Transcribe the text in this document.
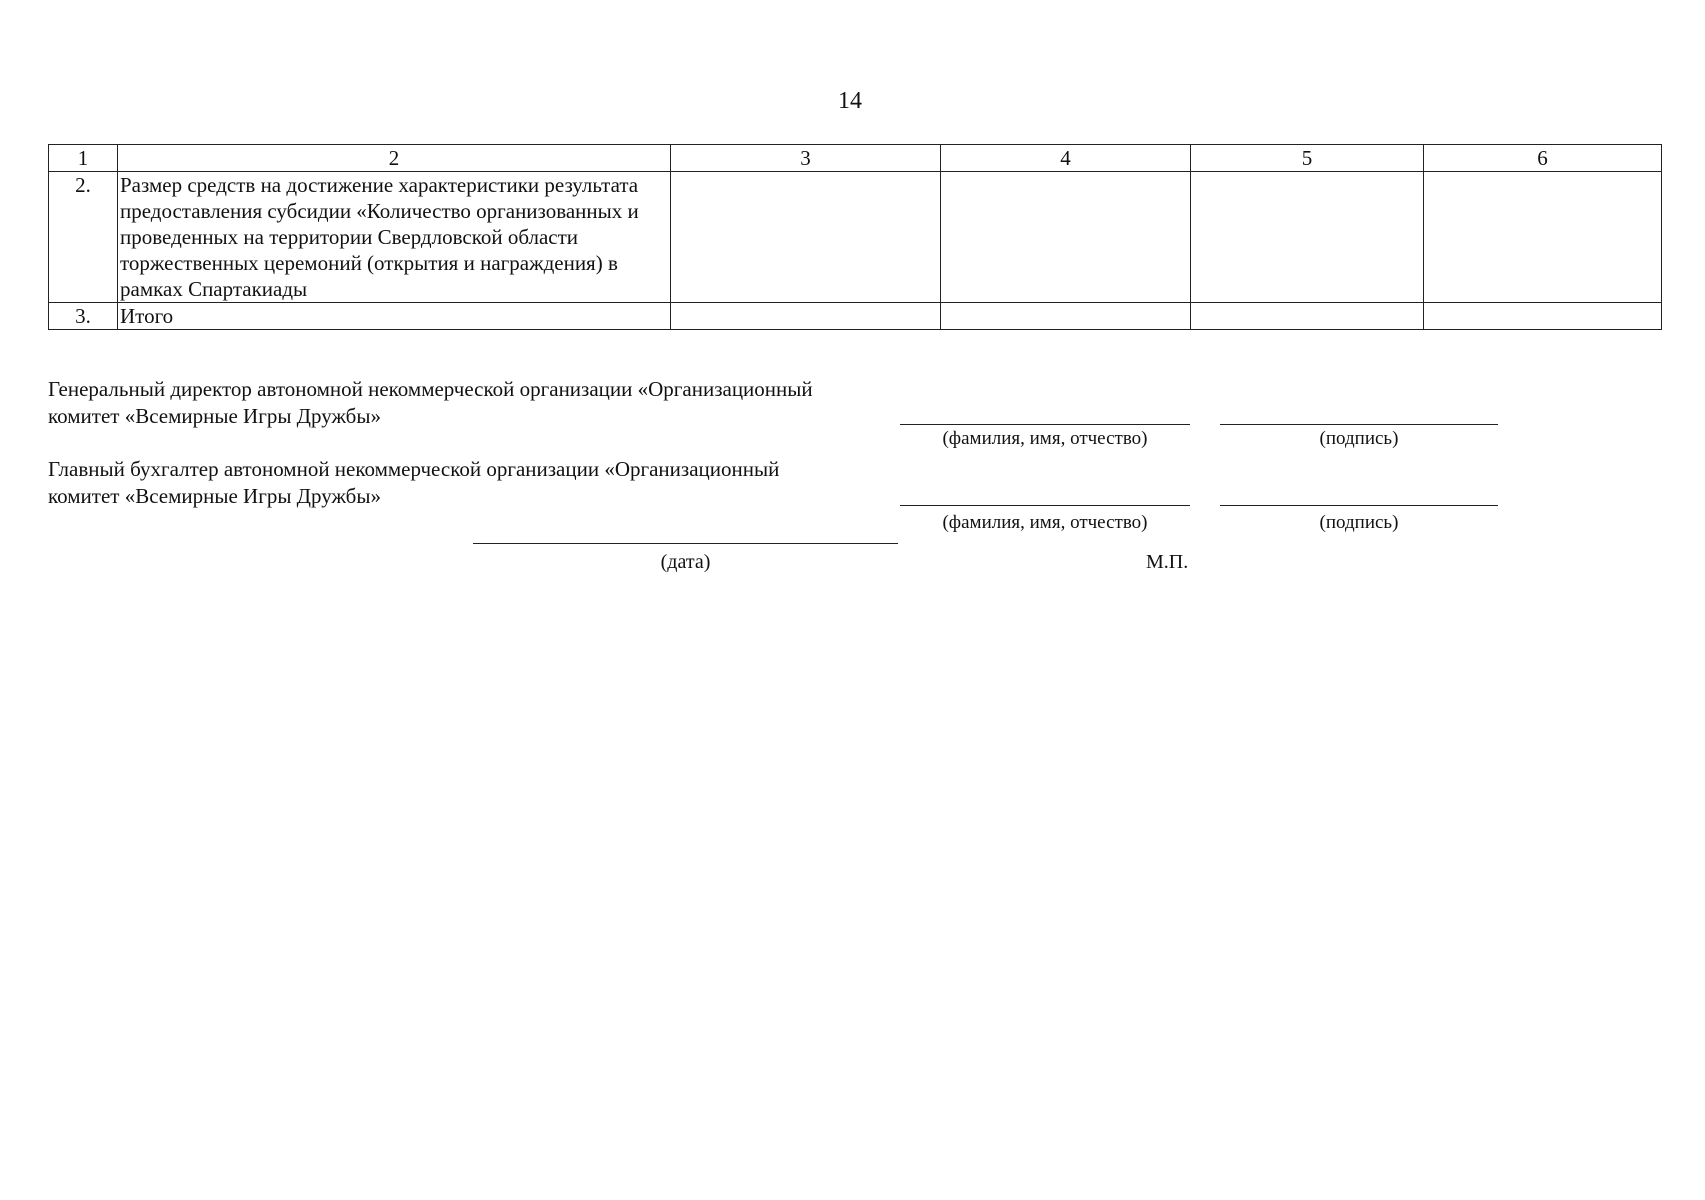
14
1	2	3	4	5	6
2.	Размер средств на достижение характеристики результата предоставления субсидии «Количество организованных и проведенных на территории Свердловской области торжественных церемоний (открытия и награждения) в рамках Спартакиады				
3.	Итого				
Генеральный директор автономной некоммерческой организации «Организационный комитет «Всемирные Игры Дружбы»
(фамилия, имя, отчество)	(подпись)
Главный бухгалтер автономной некоммерческой организации «Организационный комитет «Всемирные Игры Дружбы»
(фамилия, имя, отчество)	(подпись)
(дата)	М.П.
